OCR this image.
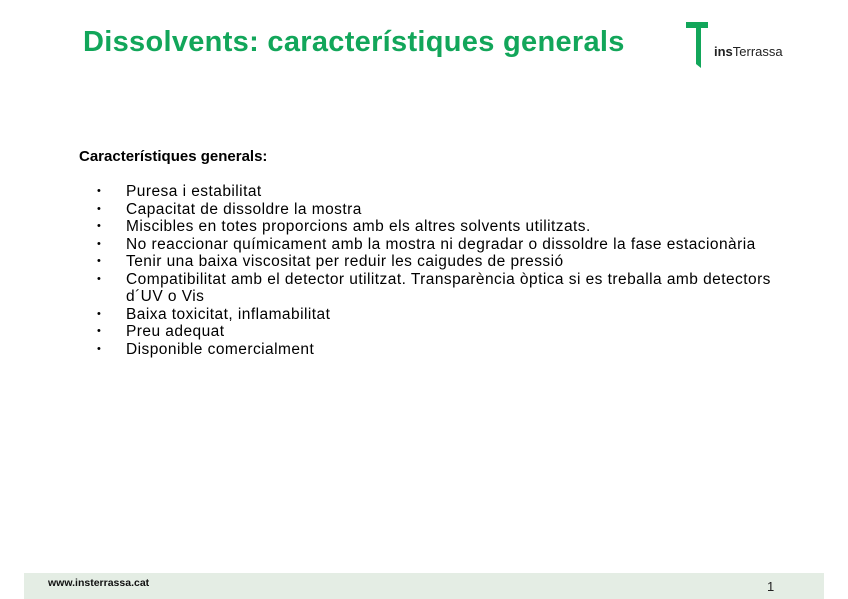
Dissolvents: característiques generals	insTerrassa
Característiques generals:
• Puresa i estabilitat
• Capacitat de dissoldre la mostra
• Miscibles en totes proporcions amb els altres solvents utilitzats.
• No reaccionar químicament amb la mostra ni degradar o dissoldre la fase estacionària
• Tenir una baixa viscositat per reduir les caigudes de pressió
• Compatibilitat amb el detector utilitzat. Transparència òptica si es treballa amb detectors d´UV o Vis
• Baixa toxicitat, inflamabilitat
• Preu adequat
• Disponible comercialment
www.insterrassa.cat	1
